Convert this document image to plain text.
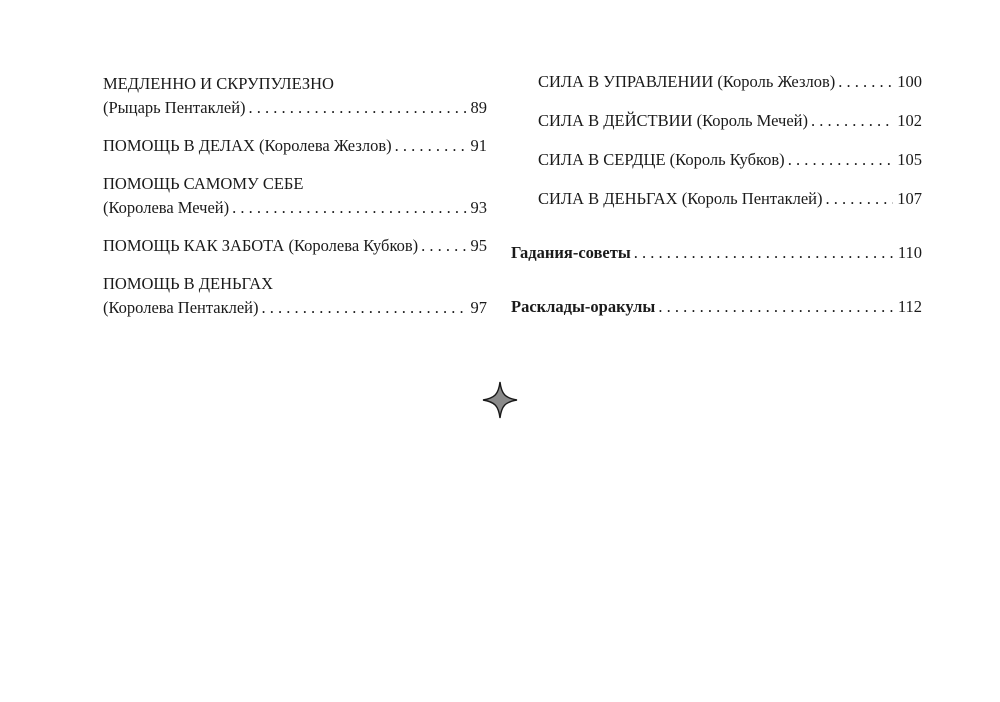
МЕДЛЕННО И СКРУПУЛЕЗНО
(Рыцарь Пентаклей) . . .	89
ПОМОЩЬ В ДЕЛАХ (Королева Жезлов) . . .	91
ПОМОЩЬ САМОМУ СЕБЕ
(Королева Мечей) . . .	93
ПОМОЩЬ КАК ЗАБОТА (Королева Кубков) . . .	95
ПОМОЩЬ В ДЕНЬГАХ
(Королева Пентаклей) . . .	97
СИЛА В УПРАВЛЕНИИ (Король Жезлов) . . .	100
СИЛА В ДЕЙСТВИИ (Король Мечей) . . .	102
СИЛА В СЕРДЦЕ (Король Кубков) . . .	105
СИЛА В ДЕНЬГАХ (Король Пентаклей) . . .	107
Гадания-советы . . .	110
Расклады-оракулы . . .	112
